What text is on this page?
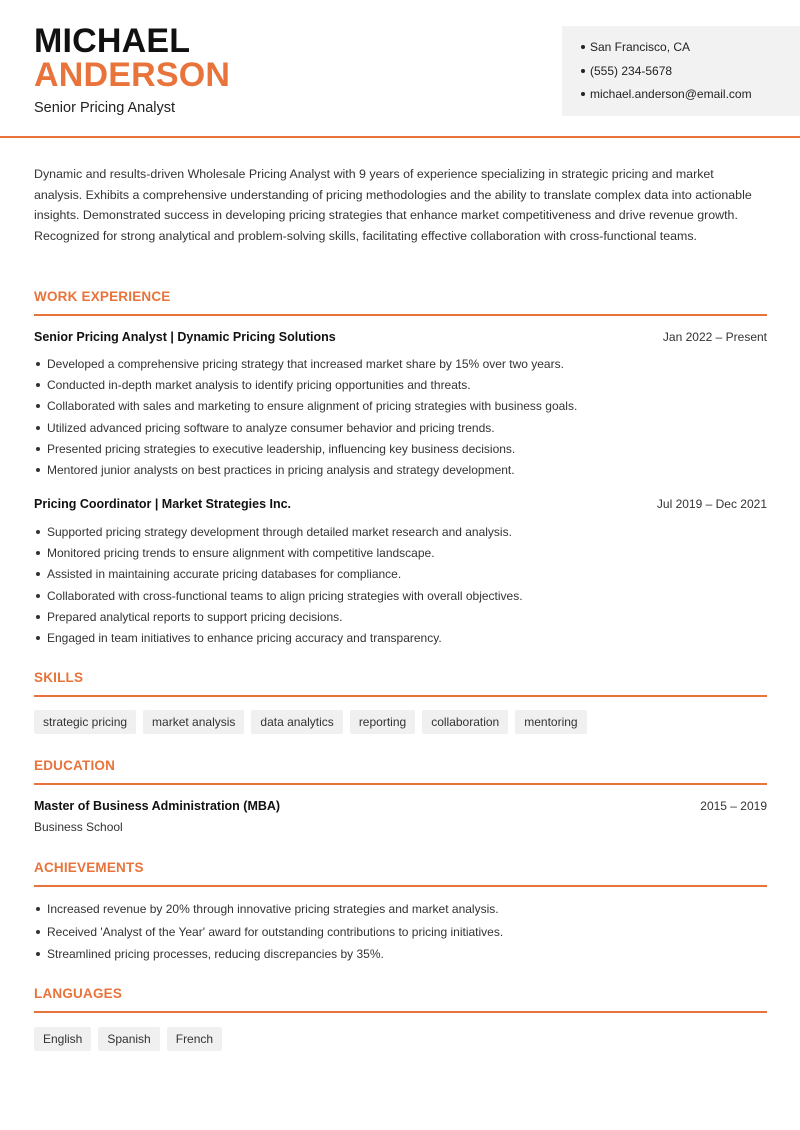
MICHAEL
ANDERSON
Senior Pricing Analyst
San Francisco, CA
(555) 234-5678
michael.anderson@email.com

Dynamic and results-driven Wholesale Pricing Analyst with 9 years of experience specializing in strategic pricing and market analysis. Exhibits a comprehensive understanding of pricing methodologies and the ability to translate complex data into actionable insights. Demonstrated success in developing pricing strategies that enhance market competitiveness and drive revenue growth. Recognized for strong analytical and problem-solving skills, facilitating effective collaboration with cross-functional teams.

WORK EXPERIENCE
Senior Pricing Analyst | Dynamic Pricing Solutions	Jan 2022 – Present
Developed a comprehensive pricing strategy that increased market share by 15% over two years.
Conducted in-depth market analysis to identify pricing opportunities and threats.
Collaborated with sales and marketing to ensure alignment of pricing strategies with business goals.
Utilized advanced pricing software to analyze consumer behavior and pricing trends.
Presented pricing strategies to executive leadership, influencing key business decisions.
Mentored junior analysts on best practices in pricing analysis and strategy development.
Pricing Coordinator | Market Strategies Inc.	Jul 2019 – Dec 2021
Supported pricing strategy development through detailed market research and analysis.
Monitored pricing trends to ensure alignment with competitive landscape.
Assisted in maintaining accurate pricing databases for compliance.
Collaborated with cross-functional teams to align pricing strategies with overall objectives.
Prepared analytical reports to support pricing decisions.
Engaged in team initiatives to enhance pricing accuracy and transparency.
SKILLS
strategic pricing	market analysis	data analytics	reporting	collaboration	mentoring
EDUCATION
Master of Business Administration (MBA)	2015 – 2019
Business School
ACHIEVEMENTS
Increased revenue by 20% through innovative pricing strategies and market analysis.
Received 'Analyst of the Year' award for outstanding contributions to pricing initiatives.
Streamlined pricing processes, reducing discrepancies by 35%.
LANGUAGES
English	Spanish	French
